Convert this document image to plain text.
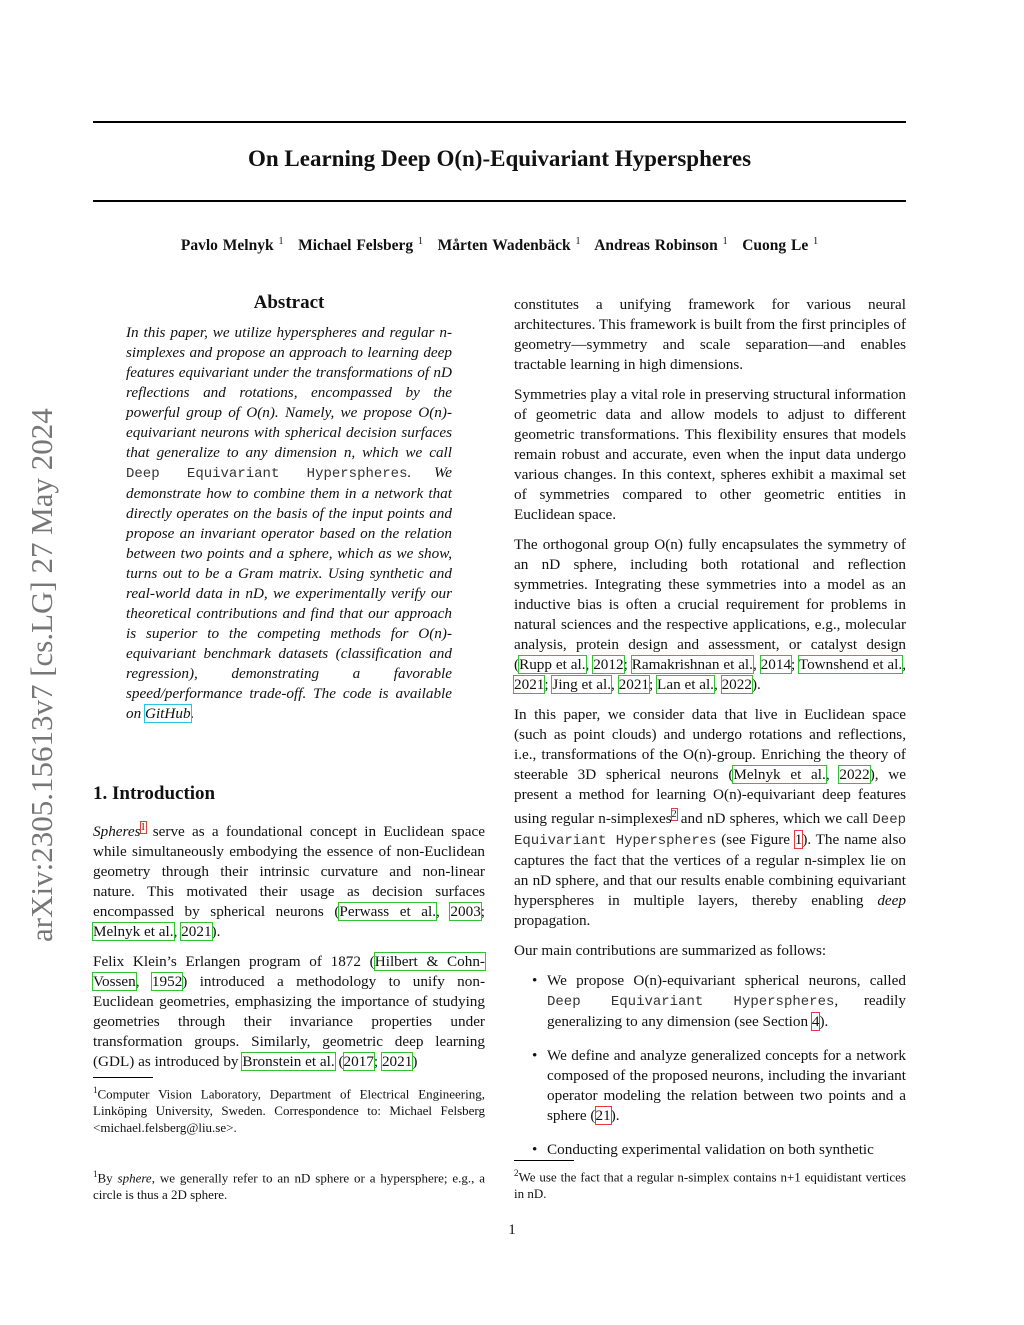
arXiv:2305.15613v7 [cs.LG] 27 May 2024
On Learning Deep O(n)-Equivariant Hyperspheres
Pavlo Melnyk $^1$ Michael Felsberg $^1$ Mårten Wadenbäck $^1$ Andreas Robinson $^1$ Cuong Le $^1$
Abstract
In this paper, we utilize hyperspheres and regular n-simplexes and propose an approach to learning deep features equivariant under the transformations of nD reflections and rotations, encompassed by the powerful group of O(n). Namely, we propose O(n)-equivariant neurons with spherical decision surfaces that generalize to any dimension n, which we call Deep Equivariant Hyperspheres. We demonstrate how to combine them in a network that directly operates on the basis of the input points and propose an invariant operator based on the relation between two points and a sphere, which as we show, turns out to be a Gram matrix. Using synthetic and real-world data in nD, we experimentally verify our theoretical contributions and find that our approach is superior to the competing methods for O(n)-equivariant benchmark datasets (classification and regression), demonstrating a favorable speed/performance trade-off. The code is available on GitHub.
1. Introduction

Spheres$^1$ serve as a foundational concept in Euclidean space while simultaneously embodying the essence of non-Euclidean geometry through their intrinsic curvature and non-linear nature. This motivated their usage as decision surfaces encompassed by spherical neurons (Perwass et al., 2003; Melnyk et al., 2021).

Felix Klein’s Erlangen program of 1872 (Hilbert & Cohn-Vossen, 1952) introduced a methodology to unify non-Euclidean geometries, emphasizing the importance of studying geometries through their invariance properties under transformation groups. Similarly, geometric deep learning (GDL) as introduced by Bronstein et al. (2017; 2021)

$^1$Computer Vision Laboratory, Department of Electrical Engineering, Linköping University, Sweden. Correspondence to: Michael Felsberg <michael.felsberg@liu.se>.
$^1$By sphere, we generally refer to an nD sphere or a hypersphere; e.g., a circle is thus a 2D sphere.

constitutes a unifying framework for various neural architectures. This framework is built from the first principles of geometry—symmetry and scale separation—and enables tractable learning in high dimensions.

Symmetries play a vital role in preserving structural information of geometric data and allow models to adjust to different geometric transformations. This flexibility ensures that models remain robust and accurate, even when the input data undergo various changes. In this context, spheres exhibit a maximal set of symmetries compared to other geometric entities in Euclidean space.

The orthogonal group O(n) fully encapsulates the symmetry of an nD sphere, including both rotational and reflection symmetries. Integrating these symmetries into a model as an inductive bias is often a crucial requirement for problems in natural sciences and the respective applications, e.g., molecular analysis, protein design and assessment, or catalyst design (Rupp et al., 2012; Ramakrishnan et al., 2014; Townshend et al., 2021; Jing et al., 2021; Lan et al., 2022).

In this paper, we consider data that live in Euclidean space (such as point clouds) and undergo rotations and reflections, i.e., transformations of the O(n)-group. Enriching the theory of steerable 3D spherical neurons (Melnyk et al., 2022), we present a method for learning O(n)-equivariant deep features using regular n-simplexes$^2$ and nD spheres, which we call Deep Equivariant Hyperspheres (see Figure 1). The name also captures the fact that the vertices of a regular n-simplex lie on an nD sphere, and that our results enable combining equivariant hyperspheres in multiple layers, thereby enabling deep propagation.

Our main contributions are summarized as follows:

• We propose O(n)-equivariant spherical neurons, called Deep Equivariant Hyperspheres, readily generalizing to any dimension (see Section 4).
• We define and analyze generalized concepts for a network composed of the proposed neurons, including the invariant operator modeling the relation between two points and a sphere (21).
• Conducting experimental validation on both synthetic
$^2$We use the fact that a regular n-simplex contains n+1 equidistant vertices in nD.
1
